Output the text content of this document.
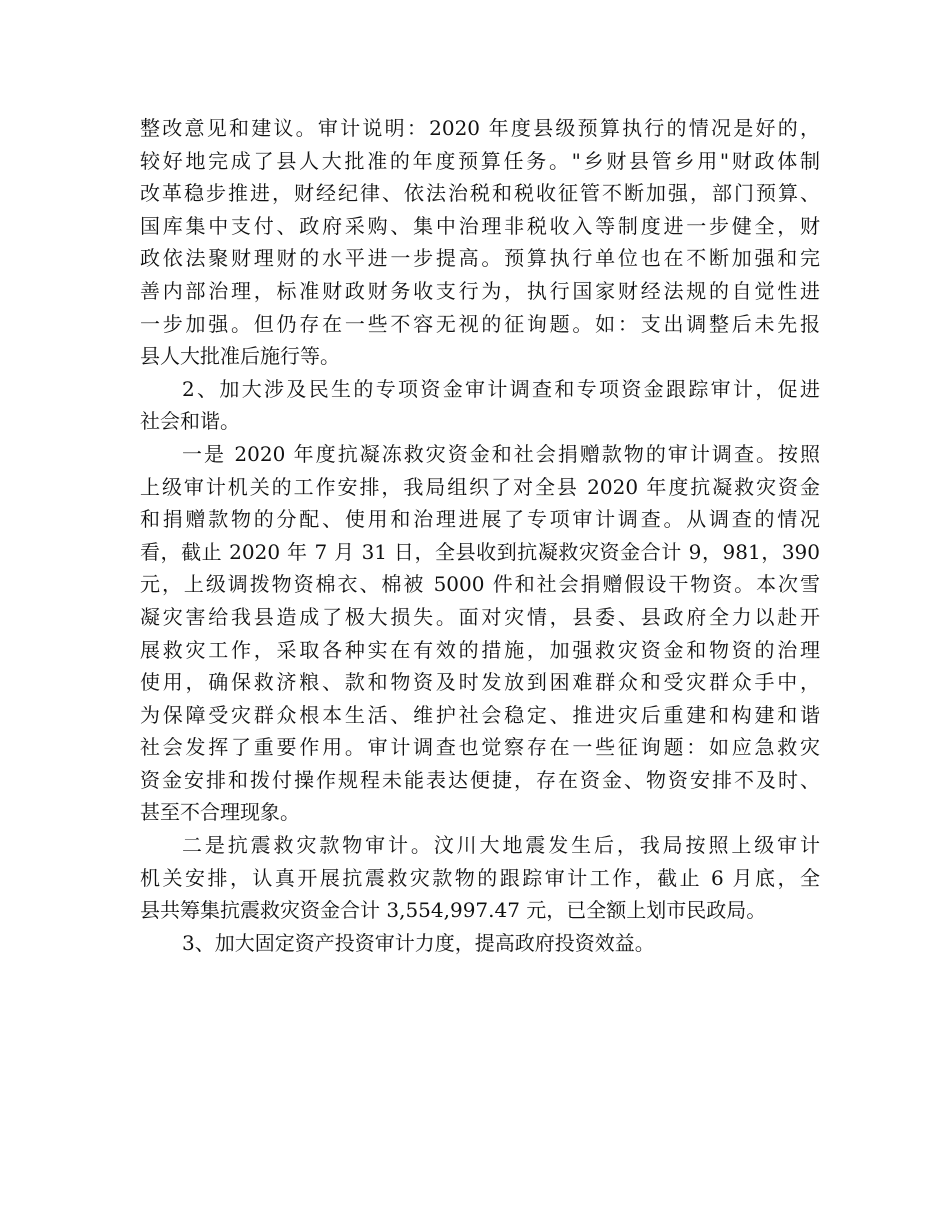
整改意见和建议。审计说明：2020 年度县级预算执行的情况是好的，
较好地完成了县人大批准的年度预算任务。"乡财县管乡用"财政体制
改革稳步推进，财经纪律、依法治税和税收征管不断加强，部门预算、
国库集中支付、政府采购、集中治理非税收入等制度进一步健全，财
政依法聚财理财的水平进一步提高。预算执行单位也在不断加强和完
善内部治理，标准财政财务收支行为，执行国家财经法规的自觉性进
一步加强。但仍存在一些不容无视的征询题。如：支出调整后未先报
县人大批准后施行等。
2、加大涉及民生的专项资金审计调查和专项资金跟踪审计，促进
社会和谐。
一是 2020 年度抗凝冻救灾资金和社会捐赠款物的审计调查。按照
上级审计机关的工作安排，我局组织了对全县 2020 年度抗凝救灾资金
和捐赠款物的分配、使用和治理进展了专项审计调查。从调查的情况
看，截止 2020 年 7 月 31 日，全县收到抗凝救灾资金合计 9，981，390
元，上级调拨物资棉衣、棉被 5000 件和社会捐赠假设干物资。本次雪
凝灾害给我县造成了极大损失。面对灾情，县委、县政府全力以赴开
展救灾工作，采取各种实在有效的措施，加强救灾资金和物资的治理
使用，确保救济粮、款和物资及时发放到困难群众和受灾群众手中，
为保障受灾群众根本生活、维护社会稳定、推进灾后重建和构建和谐
社会发挥了重要作用。审计调查也觉察存在一些征询题：如应急救灾
资金安排和拨付操作规程未能表达便捷，存在资金、物资安排不及时、
甚至不合理现象。
二是抗震救灾款物审计。汶川大地震发生后，我局按照上级审计
机关安排，认真开展抗震救灾款物的跟踪审计工作，截止 6 月底，全
县共筹集抗震救灾资金合计 3,554,997.47 元，已全额上划市民政局。
3、加大固定资产投资审计力度，提高政府投资效益。
